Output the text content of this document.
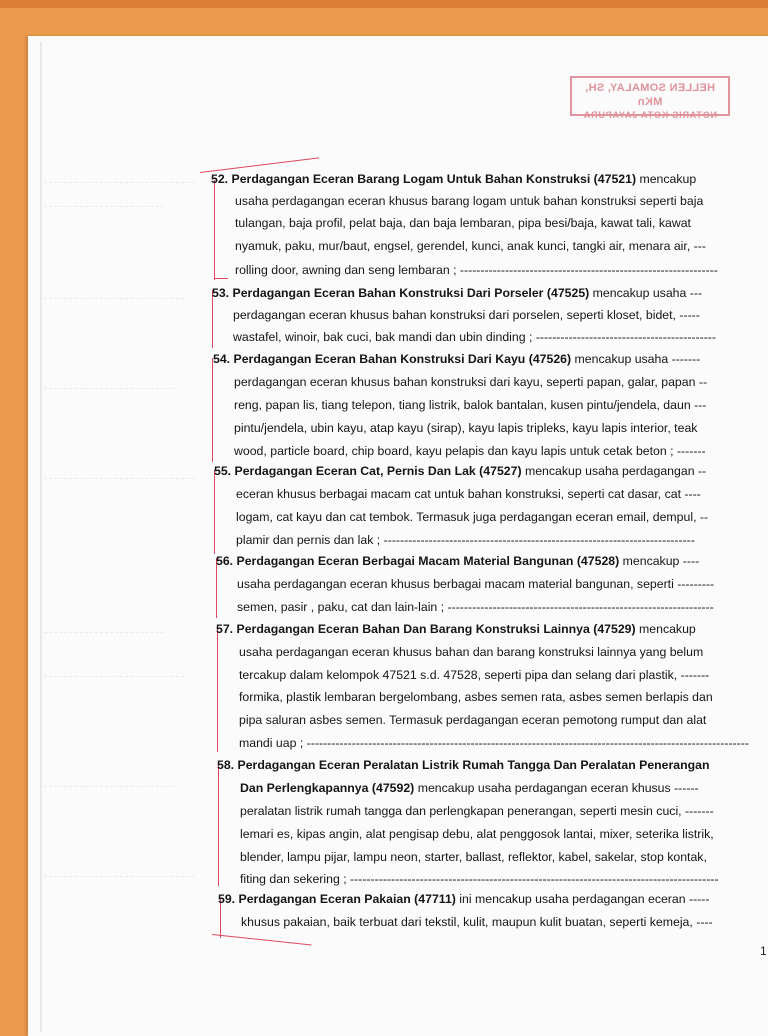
HELLEN SOMALAY, SH, MKn
NOTARIS KOTA JAYAPURA
52. Perdagangan Eceran Barang Logam Untuk Bahan Konstruksi (47521) mencakup
usaha perdagangan eceran khusus barang logam untuk bahan konstruksi seperti baja
tulangan, baja profil, pelat baja, dan baja lembaran, pipa besi/baja, kawat tali, kawat
nyamuk, paku, mur/baut, engsel, gerendel, kunci, anak kunci, tangki air, menara air, ---
rolling door, awning dan seng lembaran ; ---------------------------------------------------------------
53. Perdagangan Eceran Bahan Konstruksi Dari Porseler (47525) mencakup usaha ---
perdagangan eceran khusus bahan konstruksi dari porselen, seperti kloset, bidet, -----
wastafel, winoir, bak cuci, bak mandi dan ubin dinding ; --------------------------------------------
54. Perdagangan Eceran Bahan Konstruksi Dari Kayu (47526) mencakup usaha -------
perdagangan eceran khusus bahan konstruksi dari kayu, seperti papan, galar, papan --
reng, papan lis, tiang telepon, tiang listrik, balok bantalan, kusen pintu/jendela, daun ---
pintu/jendela, ubin kayu, atap kayu (sirap), kayu lapis tripleks, kayu lapis interior, teak
wood, particle board, chip board, kayu pelapis dan kayu lapis untuk cetak beton ; -------
55. Perdagangan Eceran Cat, Pernis Dan Lak (47527) mencakup usaha perdagangan --
eceran khusus berbagai macam cat untuk bahan konstruksi, seperti cat dasar, cat ----
logam, cat kayu dan cat tembok. Termasuk juga perdagangan eceran email, dempul, --
plamir dan pernis dan lak ; ----------------------------------------------------------------------------
56. Perdagangan Eceran Berbagai Macam Material Bangunan (47528) mencakup ----
usaha perdagangan eceran khusus berbagai macam material bangunan, seperti ---------
semen, pasir , paku, cat dan lain-lain ; -----------------------------------------------------------------
57. Perdagangan Eceran Bahan Dan Barang Konstruksi Lainnya (47529) mencakup
usaha perdagangan eceran khusus bahan dan barang konstruksi lainnya yang belum
tercakup dalam kelompok 47521 s.d. 47528, seperti pipa dan selang dari plastik, -------
formika, plastik lembaran bergelombang, asbes semen rata, asbes semen berlapis dan
pipa saluran asbes semen. Termasuk perdagangan eceran pemotong rumput dan alat
mandi uap ; ------------------------------------------------------------------------------------------------------------
58. Perdagangan Eceran Peralatan Listrik Rumah Tangga Dan Peralatan Penerangan
Dan Perlengkapannya (47592) mencakup usaha perdagangan eceran khusus ------
peralatan listrik rumah tangga dan perlengkapan penerangan, seperti mesin cuci, -------
lemari es, kipas angin, alat pengisap debu, alat penggosok lantai, mixer, seterika listrik,
blender, lampu pijar, lampu neon, starter, ballast, reflektor, kabel, sakelar, stop kontak,
fiting dan sekering ; ------------------------------------------------------------------------------------------
59. Perdagangan Eceran Pakaian (47711) ini mencakup usaha perdagangan eceran -----
khusus pakaian, baik terbuat dari tekstil, kulit, maupun kulit buatan, seperti kemeja, ----
1
